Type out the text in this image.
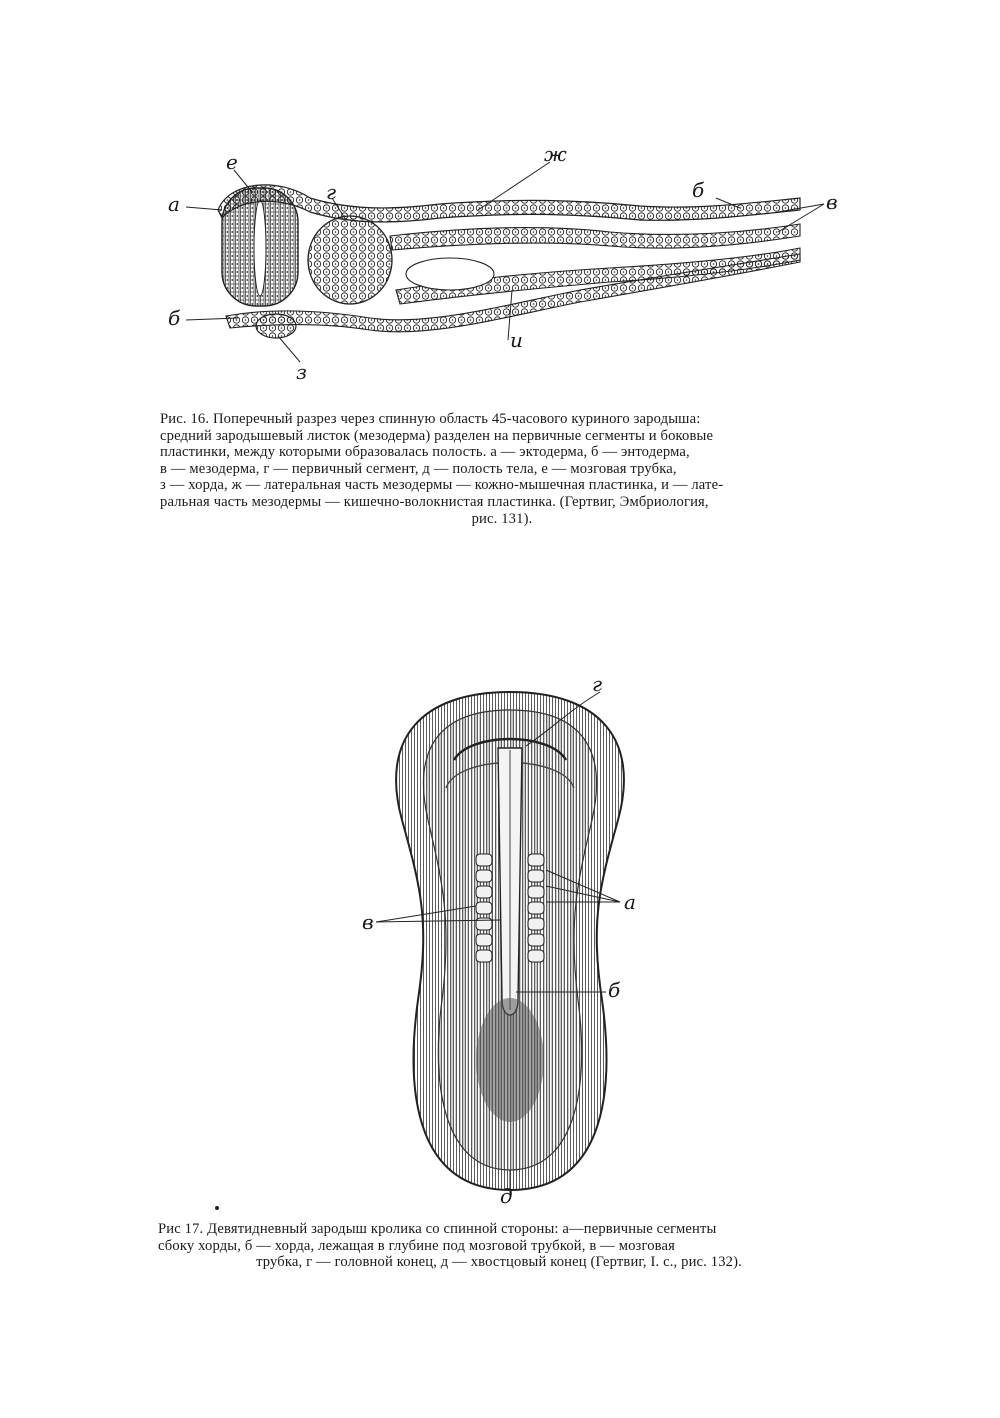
а
е
г
ж
б	в
б
з
и
Рис. 16. Поперечный разрез через спинную область 45-часового куриного зародыша:
средний зародышевый листок (мезодерма) разделен на первичные сегменты и боковые
пластинки, между которыми образовалась полость. а — эктодерма, б — энтодерма,
в — мезодерма, г — первичный сегмент, д — полость тела, е — мозговая трубка,
з — хорда, ж — латеральная часть мезодермы — кожно-мышечная пластинка, и — лате-
ральная часть мезодермы — кишечно-волокнистая пластинка. (Гертвиг, Эмбриология,
рис. 131).
г
а
в
б
д
Рис 17. Девятидневный зародыш кролика со спинной стороны: а—первичные сегменты
сбоку хорды, б — хорда, лежащая в глубине под мозговой трубкой, в — мозговая
трубка, г — головной конец, д — хвостцовый конец (Гертвиг, I. с., рис. 132).
